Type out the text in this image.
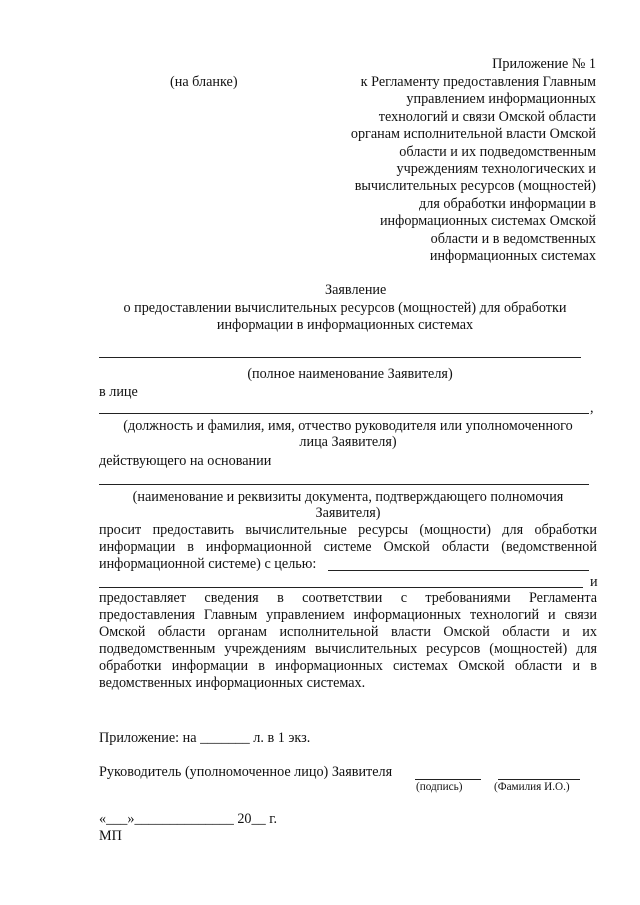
Приложение № 1
(на бланке)	к Регламенту предоставления Главным
управлением информационных
технологий и связи Омской области
органам исполнительной власти Омской
области и их подведомственным
учреждениям технологических и
вычислительных ресурсов (мощностей)
для обработки информации в
информационных системах Омской
области и в ведомственных
информационных системах
Заявление
о предоставлении вычислительных ресурсов (мощностей) для обработки
информации в информационных системах
(полное наименование Заявителя)
в лице
,
(должность и фамилия, имя, отчество руководителя или уполномоченного
лица Заявителя)
действующего на основании
(наименование и реквизиты документа, подтверждающего полномочия
Заявителя)
просит предоставить вычислительные ресурсы (мощности) для обработки
информации в информационной системе Омской области (ведомственной
информационной системе) с целью:
и
предоставляет сведения в соответствии с требованиями Регламента
предоставления Главным управлением информационных технологий и связи
Омской области органам исполнительной власти Омской области и их
подведомственным учреждениям вычислительных ресурсов (мощностей) для
обработки информации в информационных системах Омской области и в
ведомственных информационных системах.
Приложение: на _______ л. в 1 экз.
Руководитель (уполномоченное лицо) Заявителя
(подпись)	(Фамилия И.О.)
«___»______________ 20__ г.
МП
